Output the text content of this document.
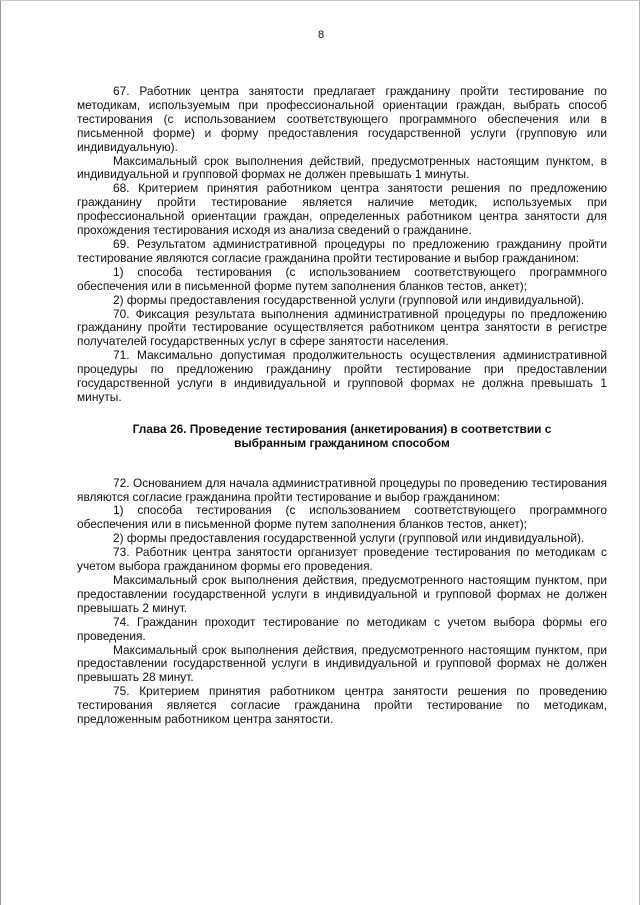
8

67. Работник центра занятости предлагает гражданину пройти тестирование по методикам, используемым при профессиональной ориентации граждан, выбрать способ тестирования (с использованием соответствующего программного обеспечения или в письменной форме) и форму предоставления государственной услуги (групповую или индивидуальную).

Максимальный срок выполнения действий, предусмотренных настоящим пунктом, в индивидуальной и групповой формах не должен превышать 1 минуты.

68. Критерием принятия работником центра занятости решения по предложению гражданину пройти тестирование является наличие методик, используемых при профессиональной ориентации граждан, определенных работником центра занятости для прохождения тестирования исходя из анализа сведений о гражданине.

69. Результатом административной процедуры по предложению гражданину пройти тестирование являются согласие гражданина пройти тестирование и выбор гражданином:

1) способа тестирования (с использованием соответствующего программного обеспечения или в письменной форме путем заполнения бланков тестов, анкет);

2) формы предоставления государственной услуги (групповой или индивидуальной).

70. Фиксация результата выполнения административной процедуры по предложению гражданину пройти тестирование осуществляется работником центра занятости в регистре получателей государственных услуг в сфере занятости населения.

71. Максимально допустимая продолжительность осуществления административной процедуры по предложению гражданину пройти тестирование при предоставлении государственной услуги в индивидуальной и групповой формах не должна превышать 1 минуты.

Глава 26. Проведение тестирования (анкетирования) в соответствии с выбранным гражданином способом

72. Основанием для начала административной процедуры по проведению тестирования являются согласие гражданина пройти тестирование и выбор гражданином:

1) способа тестирования (с использованием соответствующего программного обеспечения или в письменной форме путем заполнения бланков тестов, анкет);

2) формы предоставления государственной услуги (групповой или индивидуальной).

73. Работник центра занятости организует проведение тестирования по методикам с учетом выбора гражданином формы его проведения.

Максимальный срок выполнения действия, предусмотренного настоящим пунктом, при предоставлении государственной услуги в индивидуальной и групповой формах не должен превышать 2 минут.

74. Гражданин проходит тестирование по методикам с учетом выбора формы его проведения.

Максимальный срок выполнения действия, предусмотренного настоящим пунктом, при предоставлении государственной услуги в индивидуальной и групповой формах не должен превышать 28 минут.

75. Критерием принятия работником центра занятости решения по проведению тестирования является согласие гражданина пройти тестирование по методикам, предложенным работником центра занятости.
